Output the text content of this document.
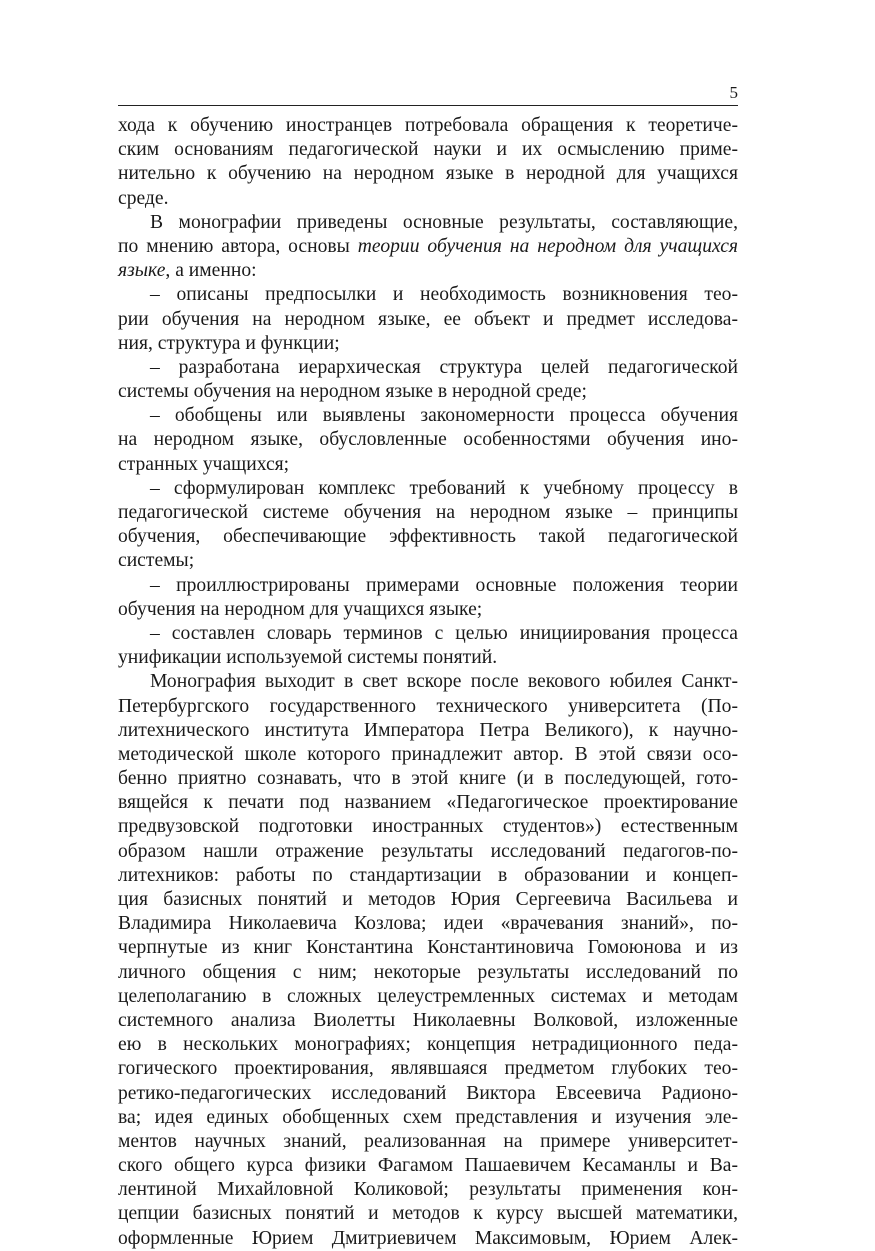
5
хода к обучению иностранцев потребовала обращения к теоретиче-
ским основаниям педагогической науки и их осмыслению приме-
нительно к обучению на неродном языке в неродной для учащихся
среде.
В монографии приведены основные результаты, составляющие,
по мнению автора, основы теории обучения на неродном для учащихся
языке, а именно:
– описаны предпосылки и необходимость возникновения тео-
рии обучения на неродном языке, ее объект и предмет исследова-
ния, структура и функции;
– разработана иерархическая структура целей педагогической
системы обучения на неродном языке в неродной среде;
– обобщены или выявлены закономерности процесса обучения
на неродном языке, обусловленные особенностями обучения ино-
странных учащихся;
– сформулирован комплекс требований к учебному процессу в
педагогической системе обучения на неродном языке – принципы
обучения, обеспечивающие эффективность такой педагогической
системы;
– проиллюстрированы примерами основные положения теории
обучения на неродном для учащихся языке;
– составлен словарь терминов с целью инициирования процесса
унификации используемой системы понятий.
Монография выходит в свет вскоре после векового юбилея Санкт-
Петербургского государственного технического университета (По-
литехнического института Императора Петра Великого), к научно-
методической школе которого принадлежит автор. В этой связи осо-
бенно приятно сознавать, что в этой книге (и в последующей, гото-
вящейся к печати под названием «Педагогическое проектирование
предвузовской подготовки иностранных студентов») естественным
образом нашли отражение результаты исследований педагогов-по-
литехников: работы по стандартизации в образовании и концеп-
ция базисных понятий и методов Юрия Сергеевича Васильева и
Владимира Николаевича Козлова; идеи «врачевания знаний», по-
черпнутые из книг Константина Константиновича Гомоюнова и из
личного общения с ним; некоторые результаты исследований по
целеполаганию в сложных целеустремленных системах и методам
системного анализа Виолетты Николаевны Волковой, изложенные
ею в нескольких монографиях; концепция нетрадиционного педа-
гогического проектирования, являвшаяся предметом глубоких тео-
ретико-педагогических исследований Виктора Евсеевича Радионо-
ва; идея единых обобщенных схем представления и изучения эле-
ментов научных знаний, реализованная на примере университет-
ского общего курса физики Фагамом Пашаевичем Кесаманлы и Ва-
лентиной Михайловной Коликовой; результаты применения кон-
цепции базисных понятий и методов к курсу высшей математики,
оформленные Юрием Дмитриевичем Максимовым, Юрием Алек-
